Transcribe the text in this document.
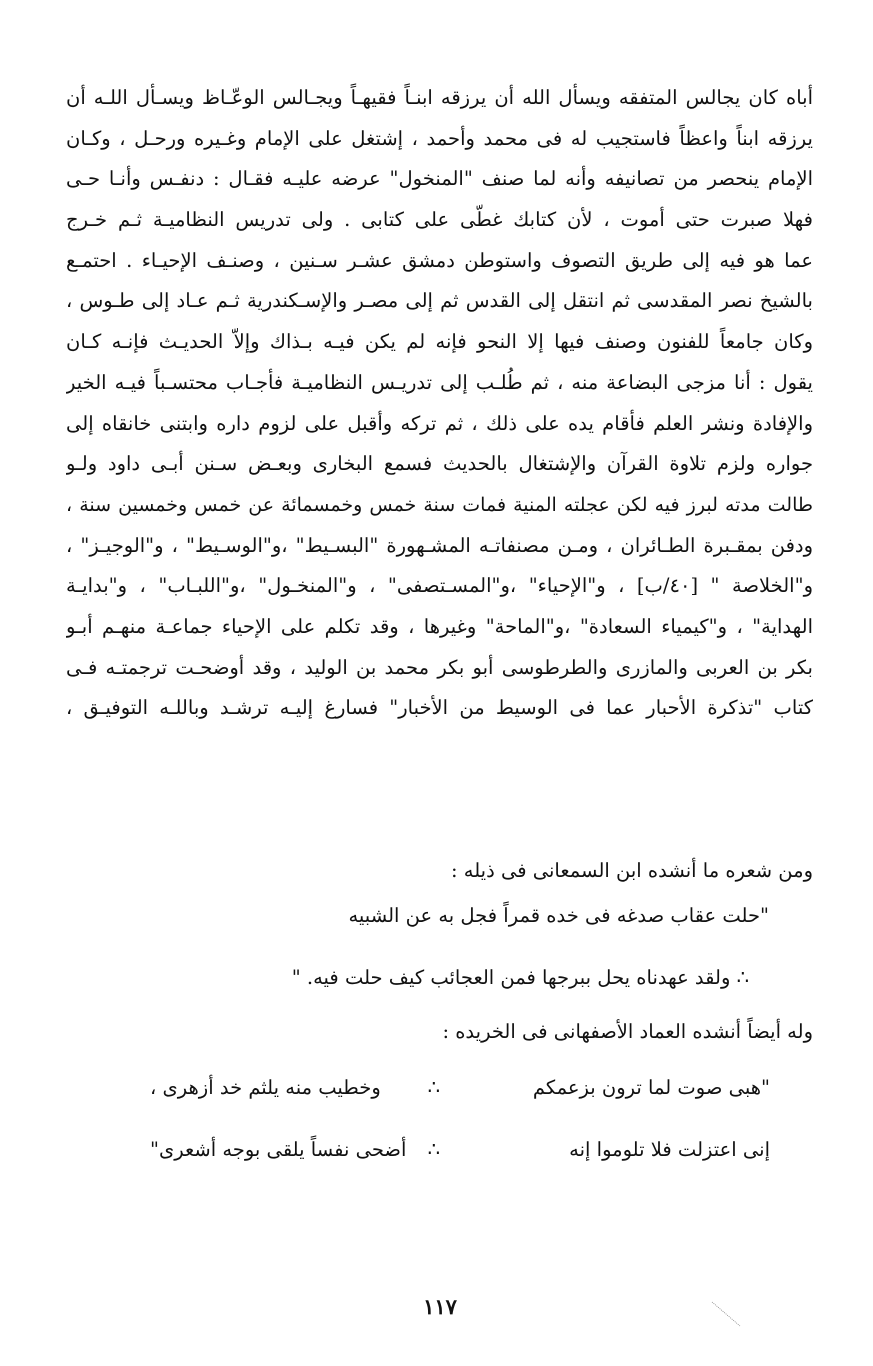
أباه كان يجالس المتفقه ويسأل الله أن يرزقه ابنـاً فقيهـاً ويجـالس الوعّـاظ ويسـأل اللـه أن
يرزقه ابناً واعظاً فاستجيب له فى محمد وأحمد ، إشتغل على الإمام وغـيره ورحـل ، وكـان
الإمام ينحصر من تصانيفه وأنه لما صنف "المنخول" عرضه عليـه فقـال : دنفـس وأنـا حـى
فهلا صبرت حتى أموت ، لأن كتابك غطّى على كتابى . ولى تدريس النظاميـة ثـم خـرج
عما هو فيه إلى طريق التصوف واستوطن دمشق عشـر سـنين ، وصنـف الإحيـاء . احتمـع
بالشيخ نصر المقدسى ثم انتقل إلى القدس ثم إلى مصـر والإسـكندرية ثـم عـاد إلى طـوس ،
وكان جامعاً للفنون وصنف فيها إلا النحو فإنه لم يكن فيـه بـذاك وإلاّ الحديـث فإنـه كـان
يقول : أنا مزجى البضاعة منه ، ثم طُلـب إلى تدريـس النظاميـة فأجـاب محتسـباً فيـه الخير
والإفادة ونشر العلم فأقام يده على ذلك ، ثم تركه وأقبل على لزوم داره وابتنى خانقاه إلى
جواره ولزم تلاوة القرآن والإشتغال بالحديث فسمع البخارى وبعـض سـنن أبـى داود ولـو
طالت مدته لبرز فيه لكن عجلته المنية فمات سنة خمس وخمسمائة عن خمس وخمسين سنة ،
ودفن بمقـبرة الطـائران ، ومـن مصنفاتـه المشـهورة "البسـيط" ،و"الوسـيط" ، و"الوجيـز" ،
و"الخلاصة " [٤٠/ب] ، و"الإحياء" ،و"المسـتصفى" ، و"المنخـول" ،و"اللبـاب" ، و"بدايـة
الهداية" ، و"كيمياء السعادة" ،و"الماحة" وغيرها ، وقد تكلم على الإحياء جماعـة منهـم أبـو
بكر بن العربى والمازرى والطرطوسى أبو بكر محمد بن الوليد ، وقد أوضحـت ترجمتـه فـى
كتاب "تذكرة الأحبار عما فى الوسيط من الأخبار" فسارغ إليـه ترشـد وباللـه التوفيـق ،
ومن شعره ما أنشده ابن السمعانى فى ذيله :
"حلت عقاب صدغه فى خده قمراً فجل به عن الشبيه
∴ ولقد عهدناه يحل ببرجها فمن العجائب كيف حلت فيه. "
وله أيضاً أنشده العماد الأصفهانى فى الخريده :
"هبى صوت لما ترون بزعمكم
∴
وخطيب منه يلثم خد أزهرى ،
إنى اعتزلت فلا تلوموا إنه
∴
أضحى نفساً يلقى بوجه أشعرى"
١١٧
